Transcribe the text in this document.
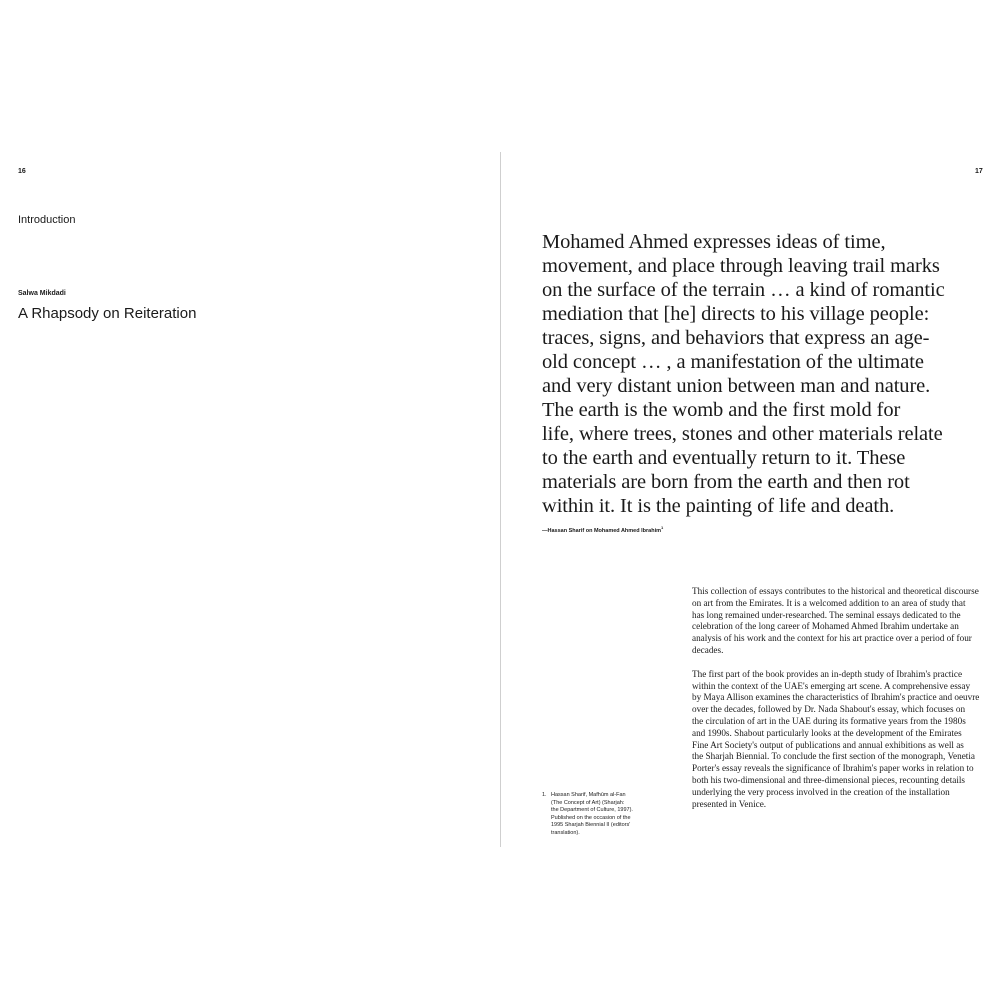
16	17
Introduction
Salwa Mikdadi
A Rhapsody on Reiteration
Mohamed Ahmed expresses ideas of time,
movement, and place through leaving trail marks
on the surface of the terrain … a kind of romantic
mediation that [he] directs to his village people:
traces, signs, and behaviors that express an age-
old concept … , a manifestation of the ultimate
and very distant union between man and nature.
The earth is the womb and the first mold for
life, where trees, stones and other materials relate
to the earth and eventually return to it. These
materials are born from the earth and then rot
within it. It is the painting of life and death.
—Hassan Sharif on Mohamed Ahmed Ibrahim$^1$

This collection of essays contributes to the historical and theoretical discourse
on art from the Emirates. It is a welcomed addition to an area of study that
has long remained under-researched. The seminal essays dedicated to the
celebration of the long career of Mohamed Ahmed Ibrahim undertake an
analysis of his work and the context for his art practice over a period of four
decades.

The first part of the book provides an in-depth study of Ibrahim's practice
within the context of the UAE's emerging art scene. A comprehensive essay
by Maya Allison examines the characteristics of Ibrahim's practice and oeuvre
over the decades, followed by Dr. Nada Shabout's essay, which focuses on
the circulation of art in the UAE during its formative years from the 1980s
and 1990s. Shabout particularly looks at the development of the Emirates
Fine Art Society's output of publications and annual exhibitions as well as
the Sharjah Biennial. To conclude the first section of the monograph, Venetia
Porter's essay reveals the significance of Ibrahim's paper works in relation to
both his two-dimensional and three-dimensional pieces, recounting details
underlying the very process involved in the creation of the installation
presented in Venice.

1. Hassan Sharif, Mafhūm al-Fan
(The Concept of Art) (Sharjah:
the Department of Culture, 1997).
Published on the occasion of the
1995 Sharjah Biennial II (editors'
translation).
